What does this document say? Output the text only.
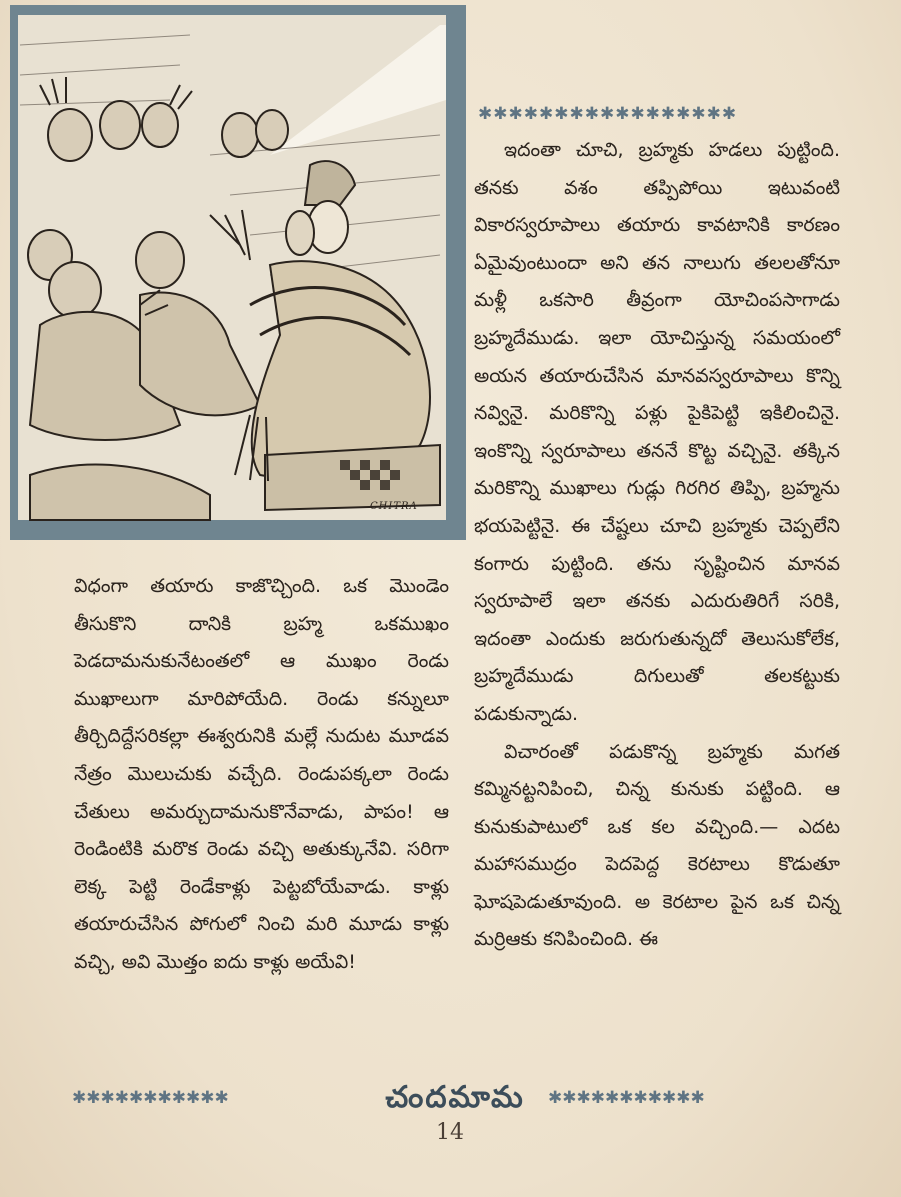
CHITRA
✱✱✱✱✱✱✱✱✱✱✱✱✱✱✱✱✱

ఇదంతా చూచి, బ్రహ్మకు హడలు పుట్టింది. తనకు వశం తప్పిపోయి ఇటువంటి వికారస్వరూపాలు తయారు కావటానికి కారణం ఏమైవుంటుందా అని తన నాలుగు తలలతోనూ మళ్లీ ఒకసారి తీవ్రంగా యోచింపసాగాడు బ్రహ్మదేముడు. ఇలా యోచిస్తున్న సమయంలో అయన తయారుచేసిన మానవస్వరూపాలు కొన్ని నవ్వినై. మరికొన్ని పళ్లు పైకిపెట్టి ఇకిలించినై. ఇంకొన్ని స్వరూపాలు తననే కొట్ట వచ్చినై. తక్కిన మరికొన్ని ముఖాలు గుడ్లు గిరగిర తిప్పి, బ్రహ్మను భయపెట్టినై. ఈ చేష్టలు చూచి బ్రహ్మకు చెప్పలేని కంగారు పుట్టింది. తను సృష్టించిన మానవ స్వరూపాలే ఇలా తనకు ఎదురుతిరిగే సరికి, ఇదంతా ఎందుకు జరుగుతున్నదో తెలుసుకోలేక, బ్రహ్మదేముడు దిగులుతో తలకట్టుకు పడుకున్నాడు.

విచారంతో పడుకొన్న బ్రహ్మకు మగత కమ్మినట్టనిపించి, చిన్న కునుకు పట్టింది. ఆ కునుకుపాటులో ఒక కల వచ్చింది.— ఎదట మహాసముద్రం పెదపెద్ద కెరటాలు కొడుతూ ఘోషపెడుతూవుంది. అ కెరటాల పైన ఒక చిన్న మర్రిఆకు కనిపించింది. ఈ

విధంగా తయారు కాజొచ్చింది. ఒక మొండెం తీసుకొని దానికి బ్రహ్మ ఒకముఖం పెడదామనుకునేటంతలో ఆ ముఖం రెండు ముఖాలుగా మారిపోయేది. రెండు కన్నులూ తీర్చిదిద్దేసరికల్లా ఈశ్వరునికి మల్లే నుదుట మూడవ నేత్రం మొలుచుకు వచ్చేది. రెండుపక్కలా రెండు చేతులు అమర్చుదామనుకొనేవాడు, పాపం! ఆ రెండింటికి మరొక రెండు వచ్చి అతుక్కునేవి. సరిగా లెక్క పెట్టి రెండేకాళ్లు పెట్టబోయేవాడు. కాళ్లు తయారుచేసిన పోగులో నించి మరి మూడు కాళ్లు వచ్చి, అవి మొత్తం ఐదు కాళ్లు అయేవి!

✱✱✱✱✱✱✱✱✱✱✱	చందమామ	✱✱✱✱✱✱✱✱✱✱✱
14
